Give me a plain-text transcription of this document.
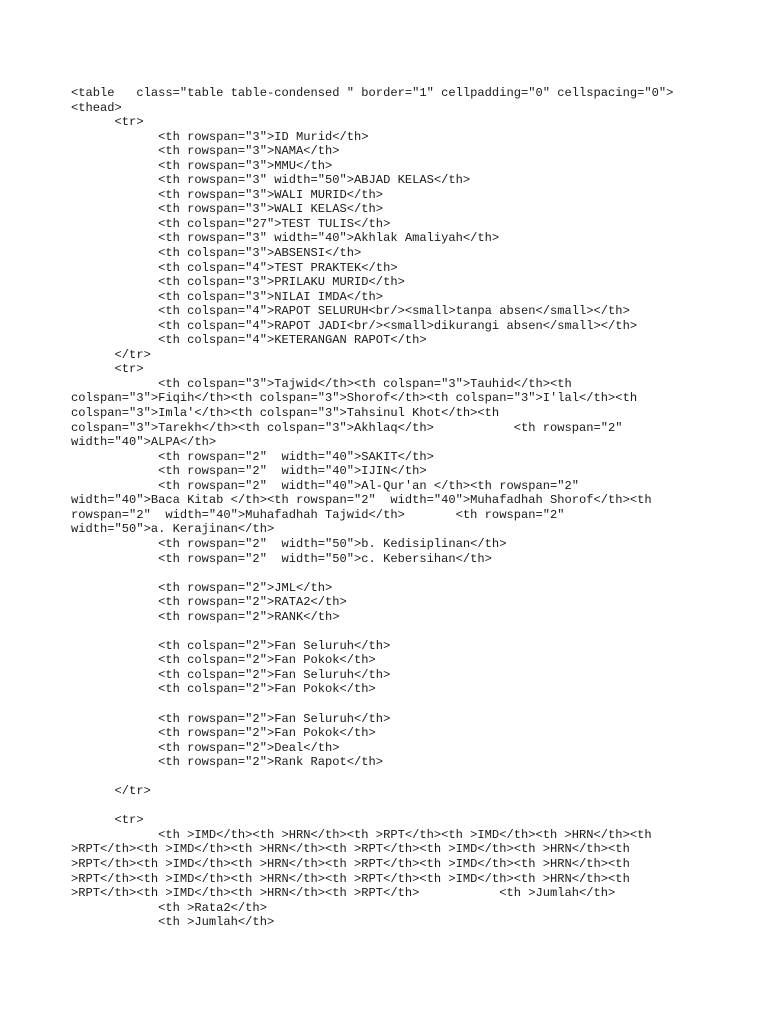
<table   class="table table-condensed " border="1" cellpadding="0" cellspacing="0">
<thead>
<tr>
<th rowspan="3">ID Murid</th>
<th rowspan="3">NAMA</th>
<th rowspan="3">MMU</th>
<th rowspan="3" width="50">ABJAD KELAS</th>
<th rowspan="3">WALI MURID</th>
<th rowspan="3">WALI KELAS</th>
<th colspan="27">TEST TULIS</th>
<th rowspan="3" width="40">Akhlak Amaliyah</th>
<th colspan="3">ABSENSI</th>
<th colspan="4">TEST PRAKTEK</th>
<th colspan="3">PRILAKU MURID</th>
<th colspan="3">NILAI IMDA</th>
<th colspan="4">RAPOT SELURUH<br/><small>tanpa absen</small></th>
<th colspan="4">RAPOT JADI<br/><small>dikurangi absen</small></th>
<th colspan="4">KETERANGAN RAPOT</th>
</tr>
<tr>
<th colspan="3">Tajwid</th><th colspan="3">Tauhid</th><th
colspan="3">Fiqih</th><th colspan="3">Shorof</th><th colspan="3">I'lal</th><th
colspan="3">Imla'</th><th colspan="3">Tahsinul Khot</th><th
colspan="3">Tarekh</th><th colspan="3">Akhlaq</th>           <th rowspan="2"
width="40">ALPA</th>
<th rowspan="2"  width="40">SAKIT</th>
<th rowspan="2"  width="40">IJIN</th>
<th rowspan="2"  width="40">Al-Qur'an </th><th rowspan="2"
width="40">Baca Kitab </th><th rowspan="2"  width="40">Muhafadhah Shorof</th><th
rowspan="2"  width="40">Muhafadhah Tajwid</th>       <th rowspan="2"
width="50">a. Kerajinan</th>
<th rowspan="2"  width="50">b. Kedisiplinan</th>
<th rowspan="2"  width="50">c. Kebersihan</th>
<th rowspan="2">JML</th>
<th rowspan="2">RATA2</th>
<th rowspan="2">RANK</th>
<th colspan="2">Fan Seluruh</th>
<th colspan="2">Fan Pokok</th>
<th colspan="2">Fan Seluruh</th>
<th colspan="2">Fan Pokok</th>
<th rowspan="2">Fan Seluruh</th>
<th rowspan="2">Fan Pokok</th>
<th rowspan="2">Deal</th>
<th rowspan="2">Rank Rapot</th>
</tr>
<tr>
<th >IMD</th><th >HRN</th><th >RPT</th><th >IMD</th><th >HRN</th><th
>RPT</th><th >IMD</th><th >HRN</th><th >RPT</th><th >IMD</th><th >HRN</th><th
>RPT</th><th >IMD</th><th >HRN</th><th >RPT</th><th >IMD</th><th >HRN</th><th
>RPT</th><th >IMD</th><th >HRN</th><th >RPT</th><th >IMD</th><th >HRN</th><th
>RPT</th><th >IMD</th><th >HRN</th><th >RPT</th>           <th >Jumlah</th>
<th >Rata2</th>
<th >Jumlah</th>
